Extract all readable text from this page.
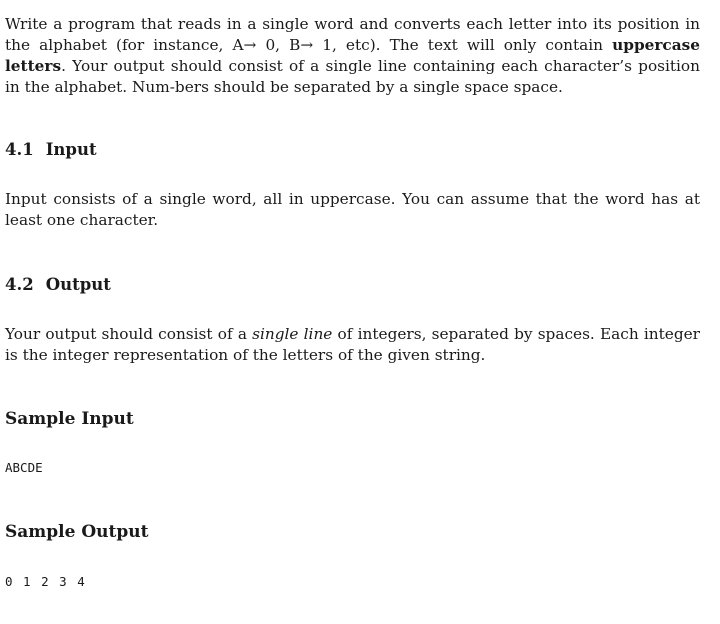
Write a program that reads in a single word and converts each letter into its position in the alphabet (for instance, A→ 0, B→ 1, etc). The text will only contain uppercase letters. Your output should consist of a single line containing each character’s position in the alphabet. Num-bers should be separated by a single space space.

4.1 Input

Input consists of a single word, all in uppercase. You can assume that the word has at least one character.

4.2 Output

Your output should consist of a single line of integers, separated by spaces. Each integer is the integer representation of the letters of the given string.

Sample Input
ABCDE
Sample Output
0 1 2 3 4
